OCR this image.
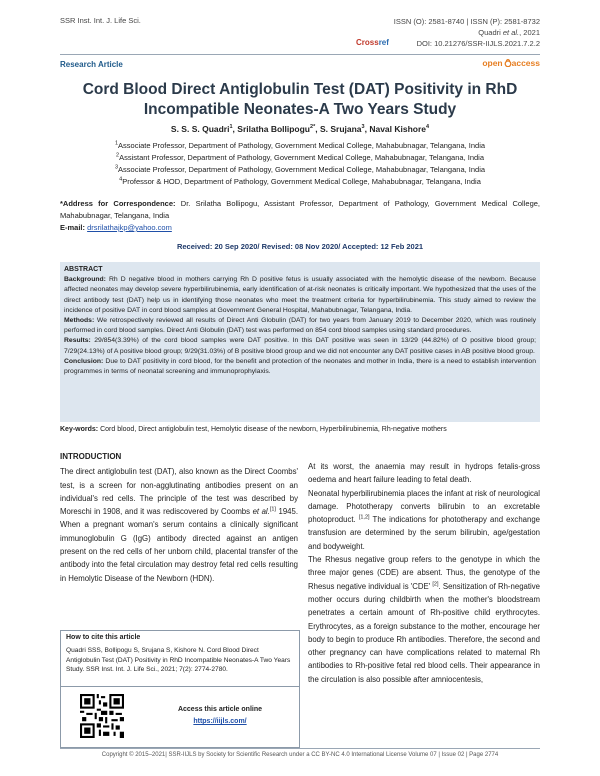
SSR Inst. Int. J. Life Sci.	ISSN (O): 2581-8740 | ISSN (P): 2581-8732
Quadri et al., 2021
DOI: 10.21276/SSR-IIJLS.2021.7.2.2
Crossref
Research Article	open access
Cord Blood Direct Antiglobulin Test (DAT) Positivity in RhD Incompatible Neonates-A Two Years Study
S. S. S. Quadri$^1$, Srilatha Bollipogu$^{2*}$, S. Srujana$^3$, Naval Kishore$^4$
$^1$Associate Professor, Department of Pathology, Government Medical College, Mahabubnagar, Telangana, India
$^2$Assistant Professor, Department of Pathology, Government Medical College, Mahabubnagar, Telangana, India
$^3$Associate Professor, Department of Pathology, Government Medical College, Mahabubnagar, Telangana, India
$^4$Professor & HOD, Department of Pathology, Government Medical College, Mahabubnagar, Telangana, India
*Address for Correspondence: Dr. Srilatha Bollipogu, Assistant Professor, Department of Pathology, Government Medical College, Mahabubnagar, Telangana, India
E-mail: drsrilathajkp@yahoo.com
Received: 20 Sep 2020/ Revised: 08 Nov 2020/ Accepted: 12 Feb 2021

ABSTRACT

Background: Rh D negative blood in mothers carrying Rh D positive fetus is usually associated with the hemolytic disease of the newborn. Because affected neonates may develop severe hyperbilirubinemia, early identification of at-risk neonates is critically important. We hypothesized that the uses of the direct antibody test (DAT) help us in identifying those neonates who meet the treatment criteria for hyperbilirubinemia. This study aimed to review the incidence of positive DAT in cord blood samples at Government General Hospital, Mahabubnagar, Telangana, India.

Methods: We retrospectively reviewed all results of Direct Anti Globulin (DAT) for two years from January 2019 to December 2020, which was routinely performed in cord blood samples. Direct Anti Globulin (DAT) test was performed on 854 cord blood samples using standard procedures.

Results: 29/854(3.39%) of the cord blood samples were DAT positive. In this DAT positive was seen in 13/29 (44.82%) of O positive blood group; 7/29(24.13%) of A positive blood group; 9/29(31.03%) of B positive blood group and we did not encounter any DAT positive cases in AB positive blood group.

Conclusion: Due to DAT positivity in cord blood, for the benefit and protection of the neonates and mother in India, there is a need to establish intervention programmes in terms of neonatal screening and immunoprophylaxis.

Key-words: Cord blood, Direct antiglobulin test, Hemolytic disease of the newborn, Hyperbilirubinemia, Rh-negative mothers

INTRODUCTION

The direct antiglobulin test (DAT), also known as the Direct Coombs' test, is a screen for non-agglutinating antibodies present on an individual's red cells. The principle of the test was described by Moreschi in 1908, and it was rediscovered by Coombs et al.[1] 1945. When a pregnant woman's serum contains a clinically significant immunoglobulin G (IgG) antibody directed against an antigen present on the red cells of her unborn child, placental transfer of the antibody into the fetal circulation may destroy fetal red cells resulting in Hemolytic Disease of the Newborn (HDN).

At its worst, the anaemia may result in hydrops fetalis-gross oedema and heart failure leading to fetal death.

Neonatal hyperbilirubinemia places the infant at risk of neurological damage. Phototherapy converts bilirubin to an excretable photoproduct. [1,2] The indications for phototherapy and exchange transfusion are determined by the serum bilirubin, age/gestation and bodyweight.

The Rhesus negative group refers to the genotype in which the three major genes (CDE) are absent. Thus, the genotype of the Rhesus negative individual is 'CDE' [2]. Sensitization of Rh-negative mother occurs during childbirth when the mother's bloodstream penetrates a certain amount of Rh-positive child erythrocytes. Erythrocytes, as a foreign substance to the mother, encourage her body to begin to produce Rh antibodies. Therefore, the second and other pregnancy can have complications related to maternal Rh antibodies to Rh-positive fetal red blood cells. Their appearance in the circulation is also possible after amniocentesis,

How to cite this article
Quadri SSS, Bollipogu S, Srujana S, Kishore N. Cord Blood Direct Antiglobulin Test (DAT) Positivity in RhD Incompatible Neonates-A Two Years Study. SSR Inst. Int. J. Life Sci., 2021; 7(2): 2774-2780.
Access this article online
https://iijls.com/
Copyright © 2015–2021| SSR-IIJLS by Society for Scientific Research under a CC BY-NC 4.0 International License Volume 07 | Issue 02 | Page 2774
